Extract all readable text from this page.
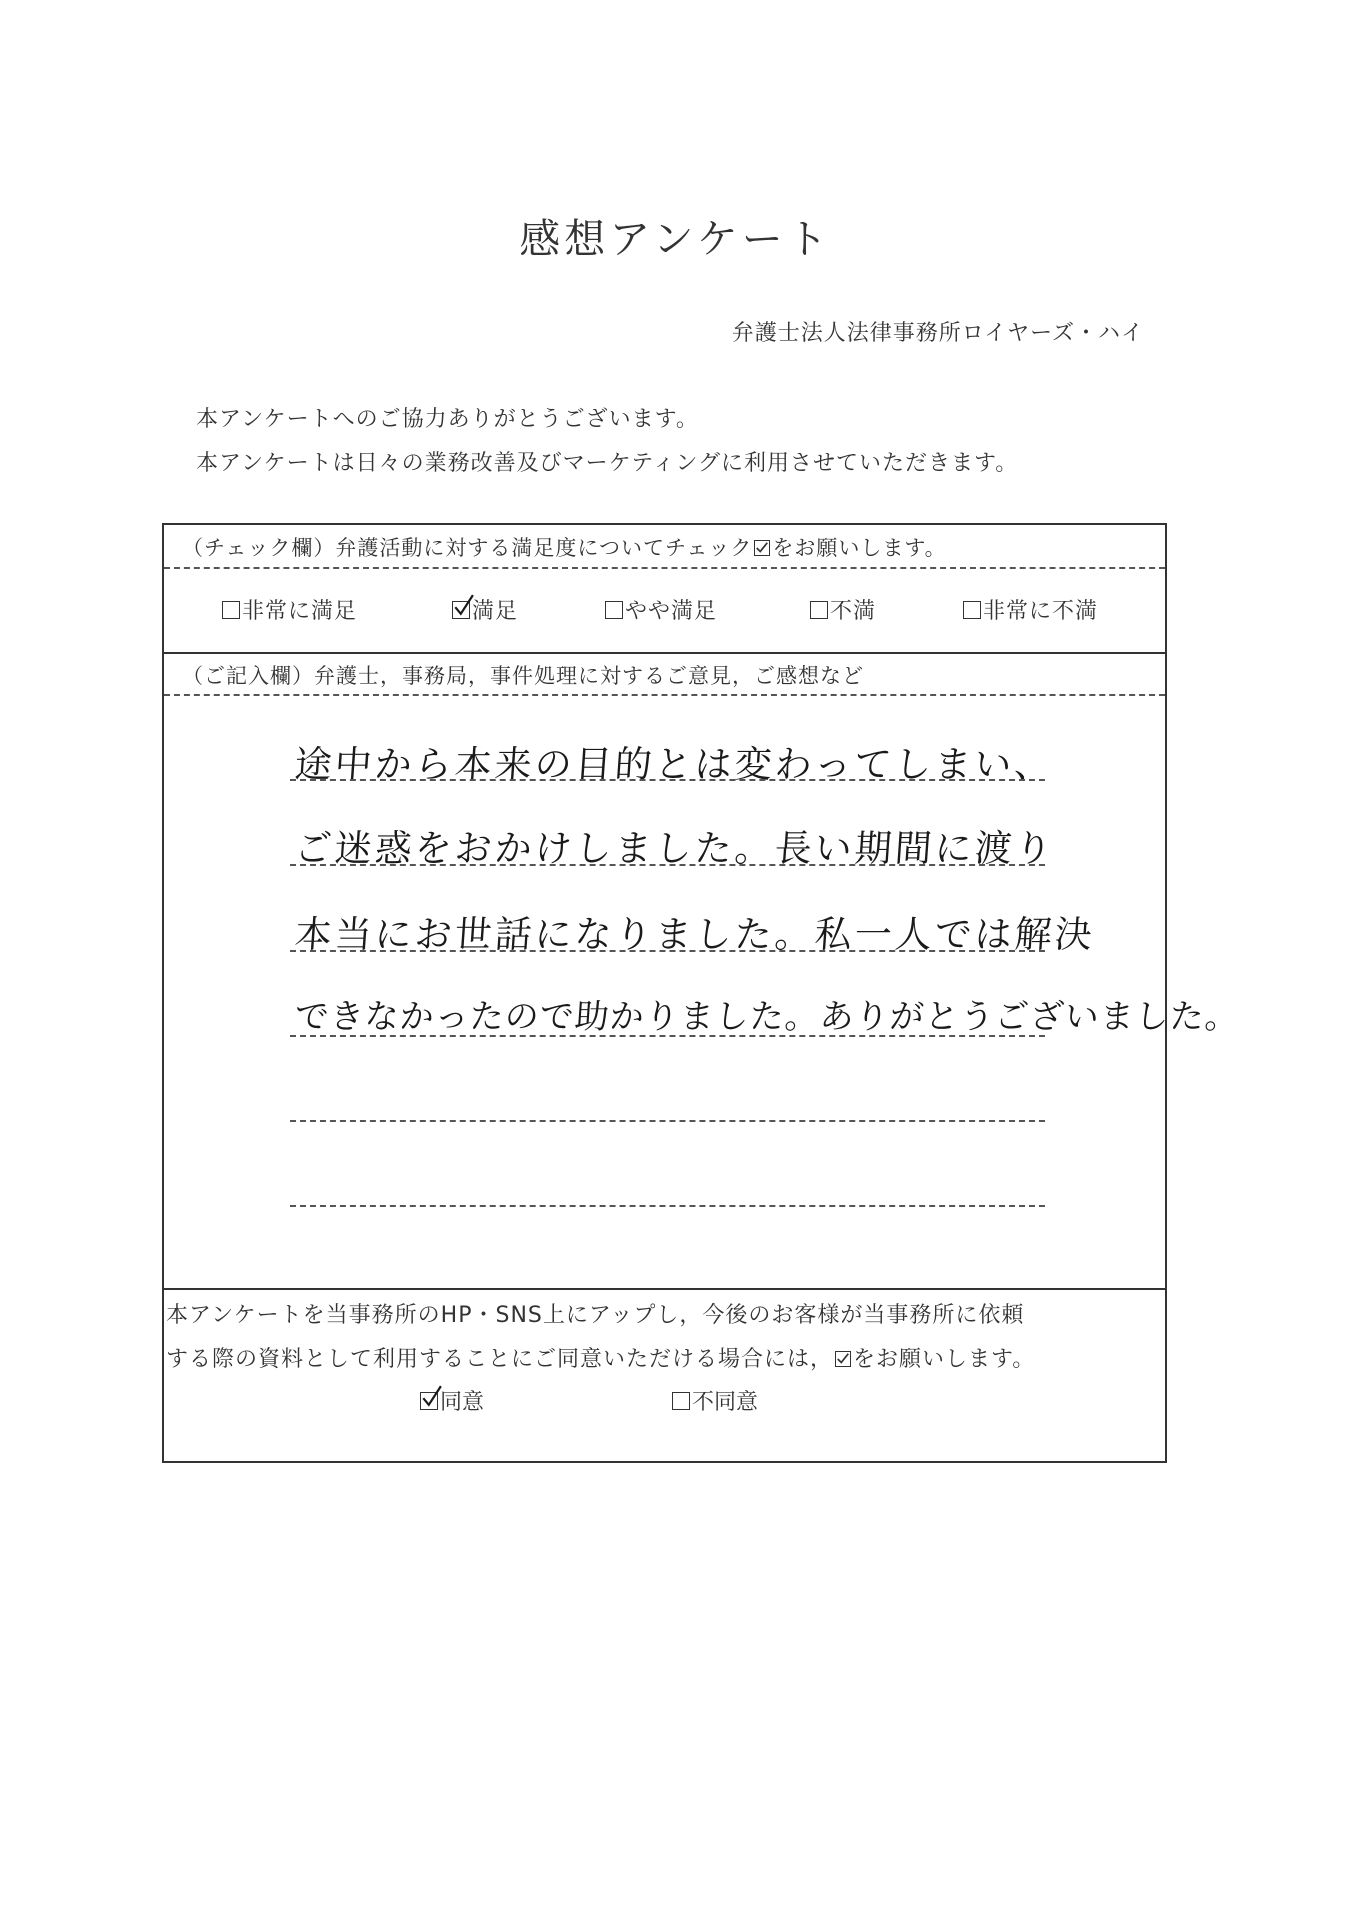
感想アンケート
弁護士法人法律事務所ロイヤーズ・ハイ
本アンケートへのご協力ありがとうございます。
本アンケートは日々の業務改善及びマーケティングに利用させていただきます。
（チェック欄）弁護活動に対する満足度についてチェック をお願いします。
非常に満足	満足	やや満足	不満	非常に不満
（ご記入欄）弁護士，事務局，事件処理に対するご意見，ご感想など
途中から本来の目的とは変わってしまい、
ご迷惑をおかけしました。長い期間に渡り
本当にお世話になりました。私一人では解決
できなかったので助かりました。ありがとうございました。
本アンケートを当事務所のHP・SNS上にアップし，今後のお客様が当事務所に依頼
する際の資料として利用することにご同意いただける場合には， をお願いします。
同意	不同意
